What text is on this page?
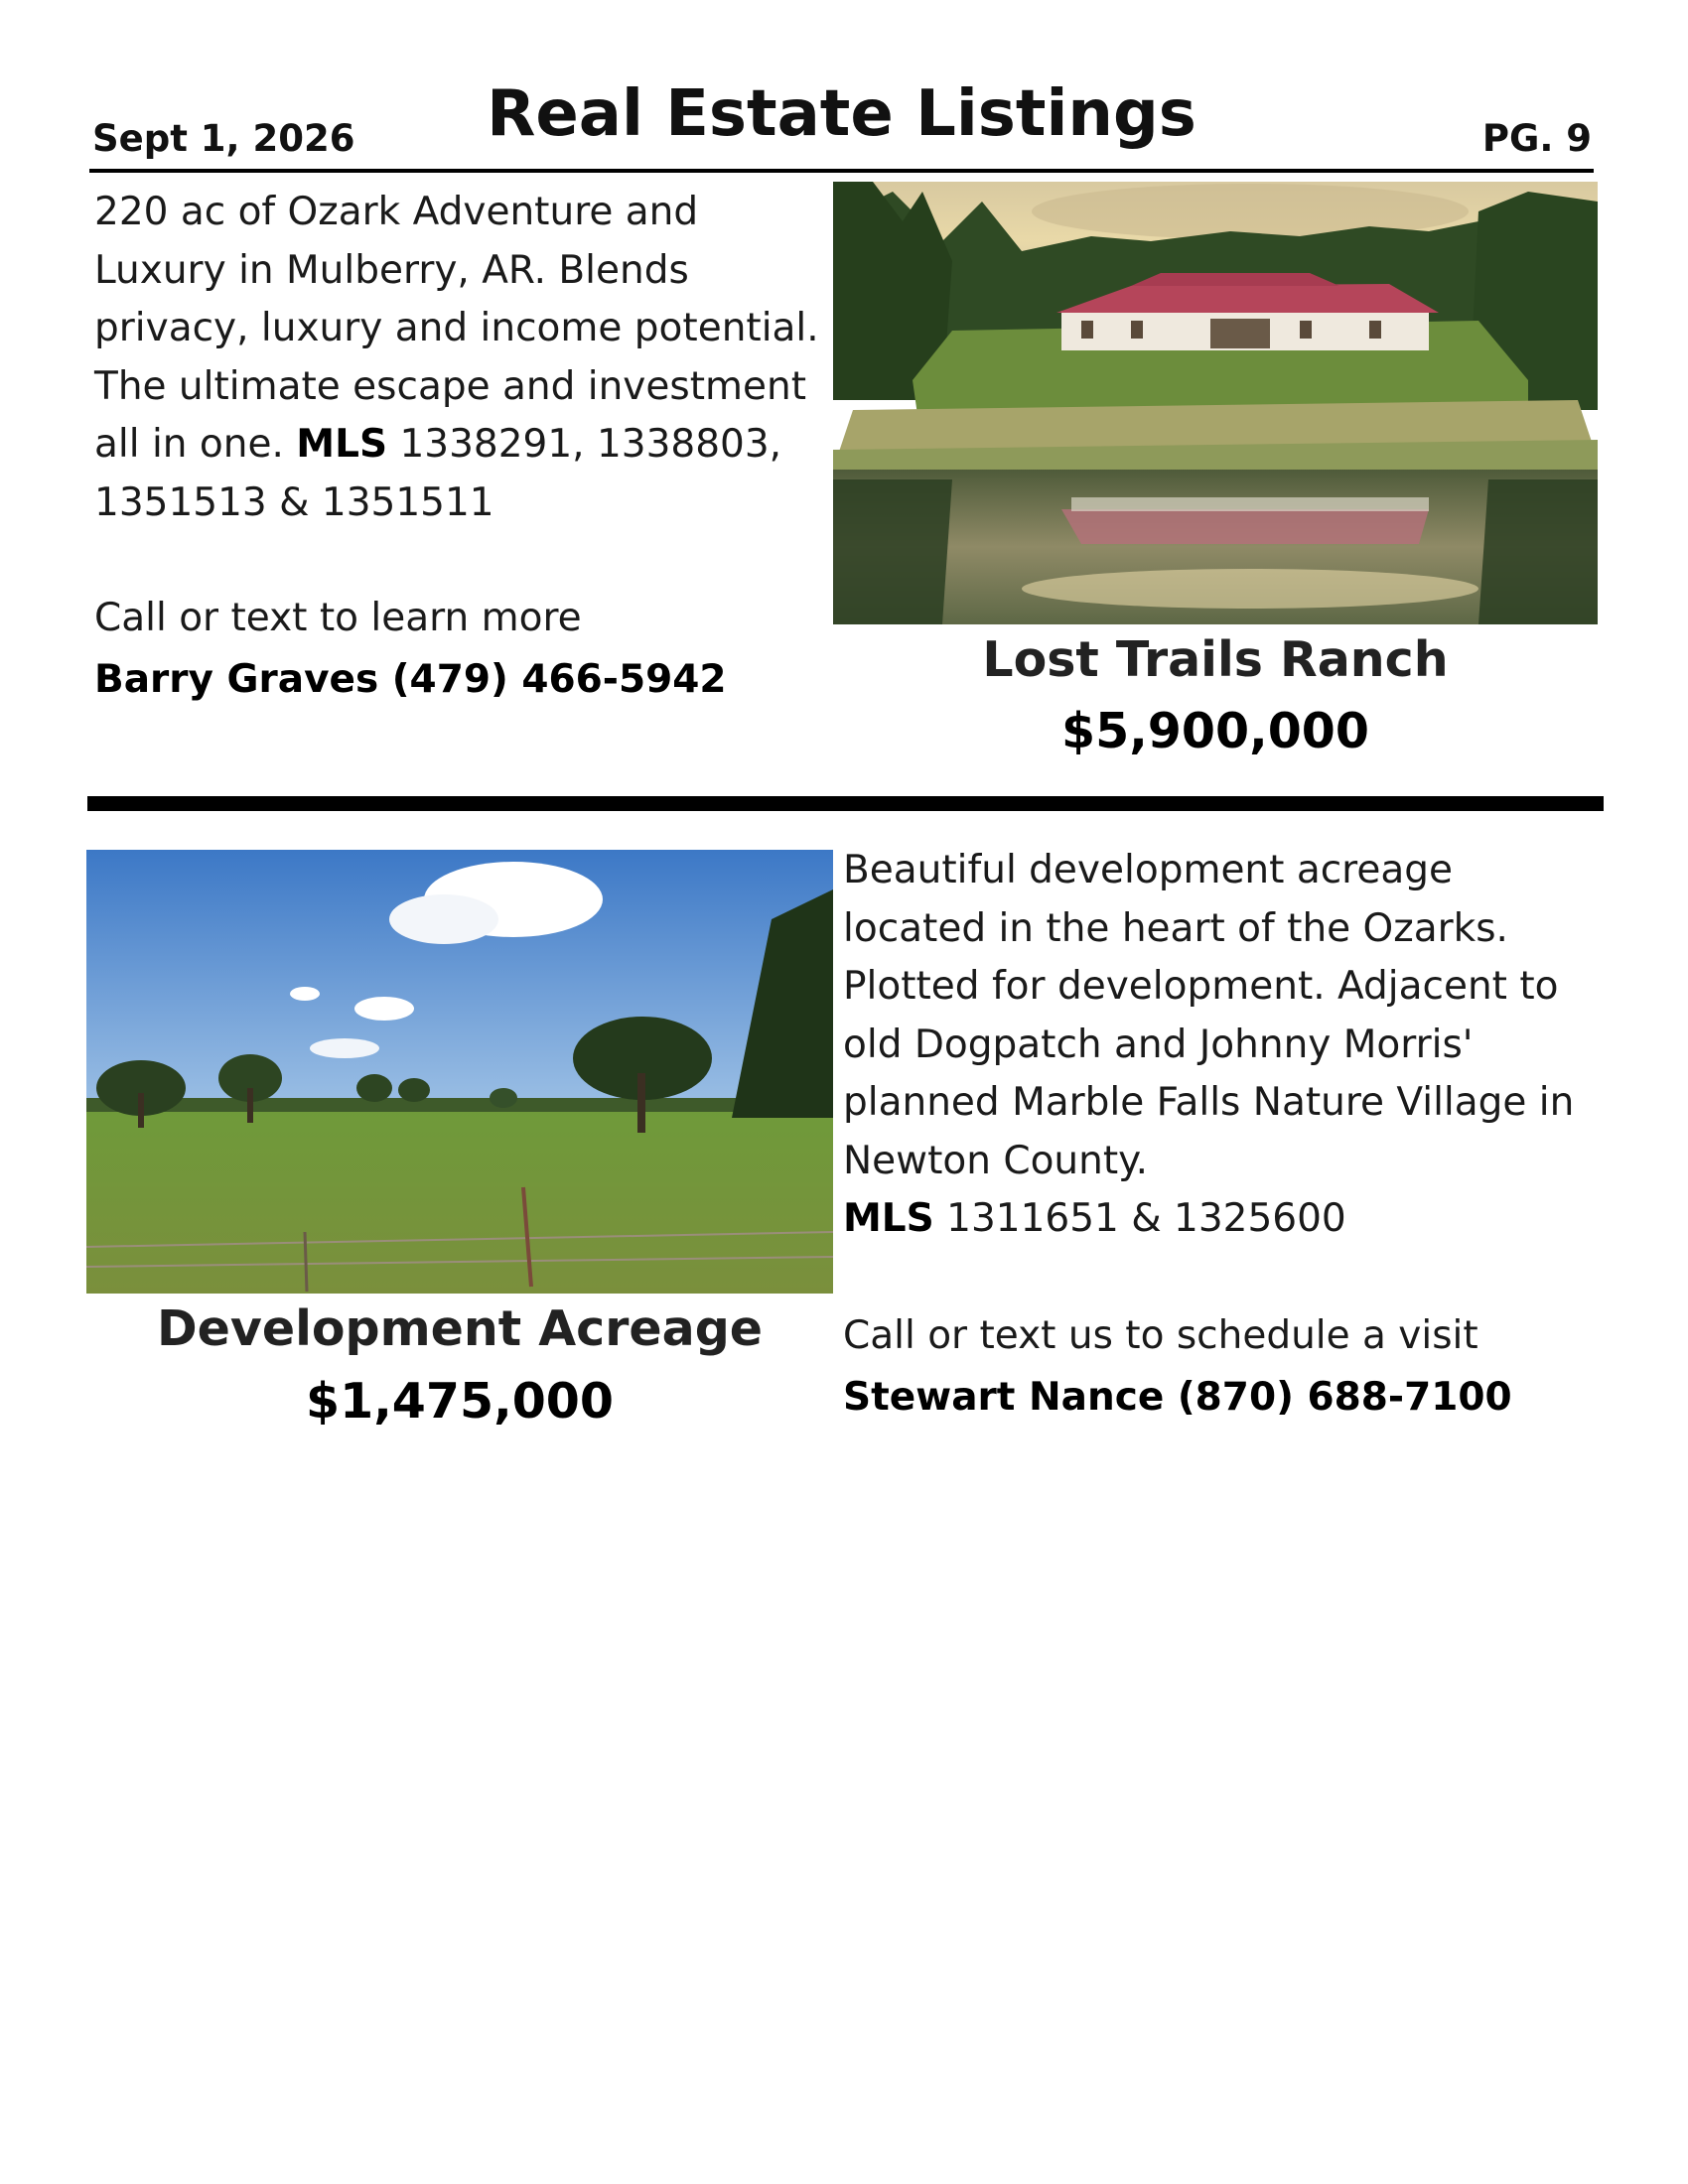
Sept 1, 2026	Real Estate Listings	PG. 9
220 ac of Ozark Adventure and Luxury in Mulberry, AR. Blends privacy, luxury and income potential. The ultimate escape and investment all in one. MLS 1338291, 1338803, 1351513 & 1351511
Call or text to learn more
Barry Graves (479) 466-5942	Lost Trails Ranch
$5,900,000
Development Acreage
$1,475,000
Beautiful development acreage located in the heart of the Ozarks. Plotted for development. Adjacent to old Dogpatch and Johnny Morris' planned Marble Falls Nature Village in Newton County.
MLS 1311651 & 1325600
Call or text us to schedule a visit
Stewart Nance (870) 688-7100
